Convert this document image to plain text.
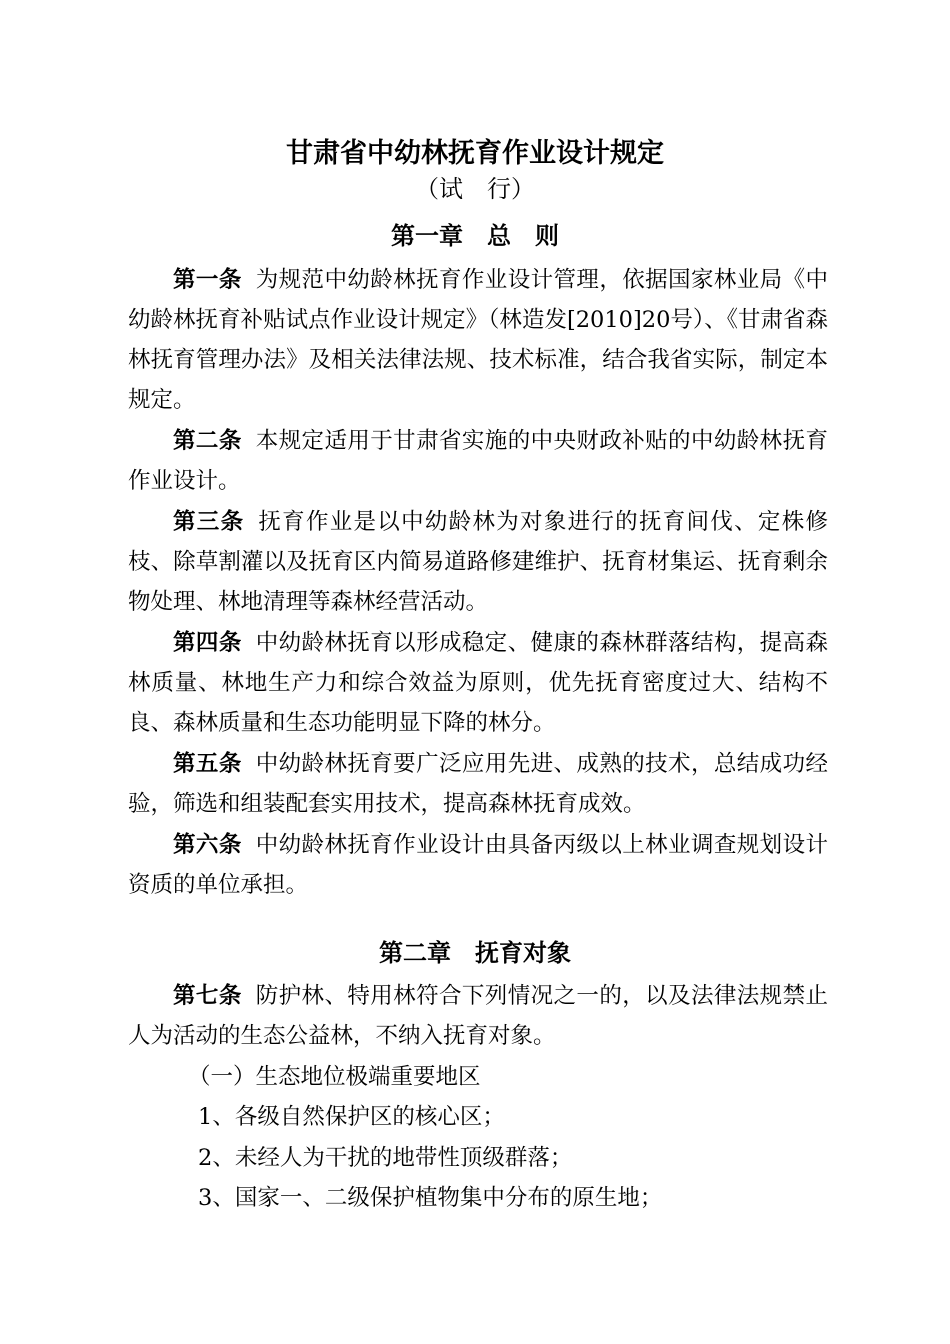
甘肃省中幼林抚育作业设计规定
（试　行）
第一章　总　则
第一条 为规范中幼龄林抚育作业设计管理，依据国家林业局《中幼龄林抚育补贴试点作业设计规定》（林造发[2010]20号）、《甘肃省森林抚育管理办法》及相关法律法规、技术标准，结合我省实际，制定本规定。
第二条 本规定适用于甘肃省实施的中央财政补贴的中幼龄林抚育作业设计。
第三条 抚育作业是以中幼龄林为对象进行的抚育间伐、定株修枝、除草割灌以及抚育区内简易道路修建维护、抚育材集运、抚育剩余物处理、林地清理等森林经营活动。
第四条 中幼龄林抚育以形成稳定、健康的森林群落结构，提高森林质量、林地生产力和综合效益为原则，优先抚育密度过大、结构不良、森林质量和生态功能明显下降的林分。
第五条 中幼龄林抚育要广泛应用先进、成熟的技术，总结成功经验，筛选和组装配套实用技术，提高森林抚育成效。
第六条 中幼龄林抚育作业设计由具备丙级以上林业调查规划设计资质的单位承担。
第二章　抚育对象
第七条 防护林、特用林符合下列情况之一的，以及法律法规禁止人为活动的生态公益林，不纳入抚育对象。
（一）生态地位极端重要地区
1、各级自然保护区的核心区；
2、未经人为干扰的地带性顶级群落；
3、国家一、二级保护植物集中分布的原生地；
